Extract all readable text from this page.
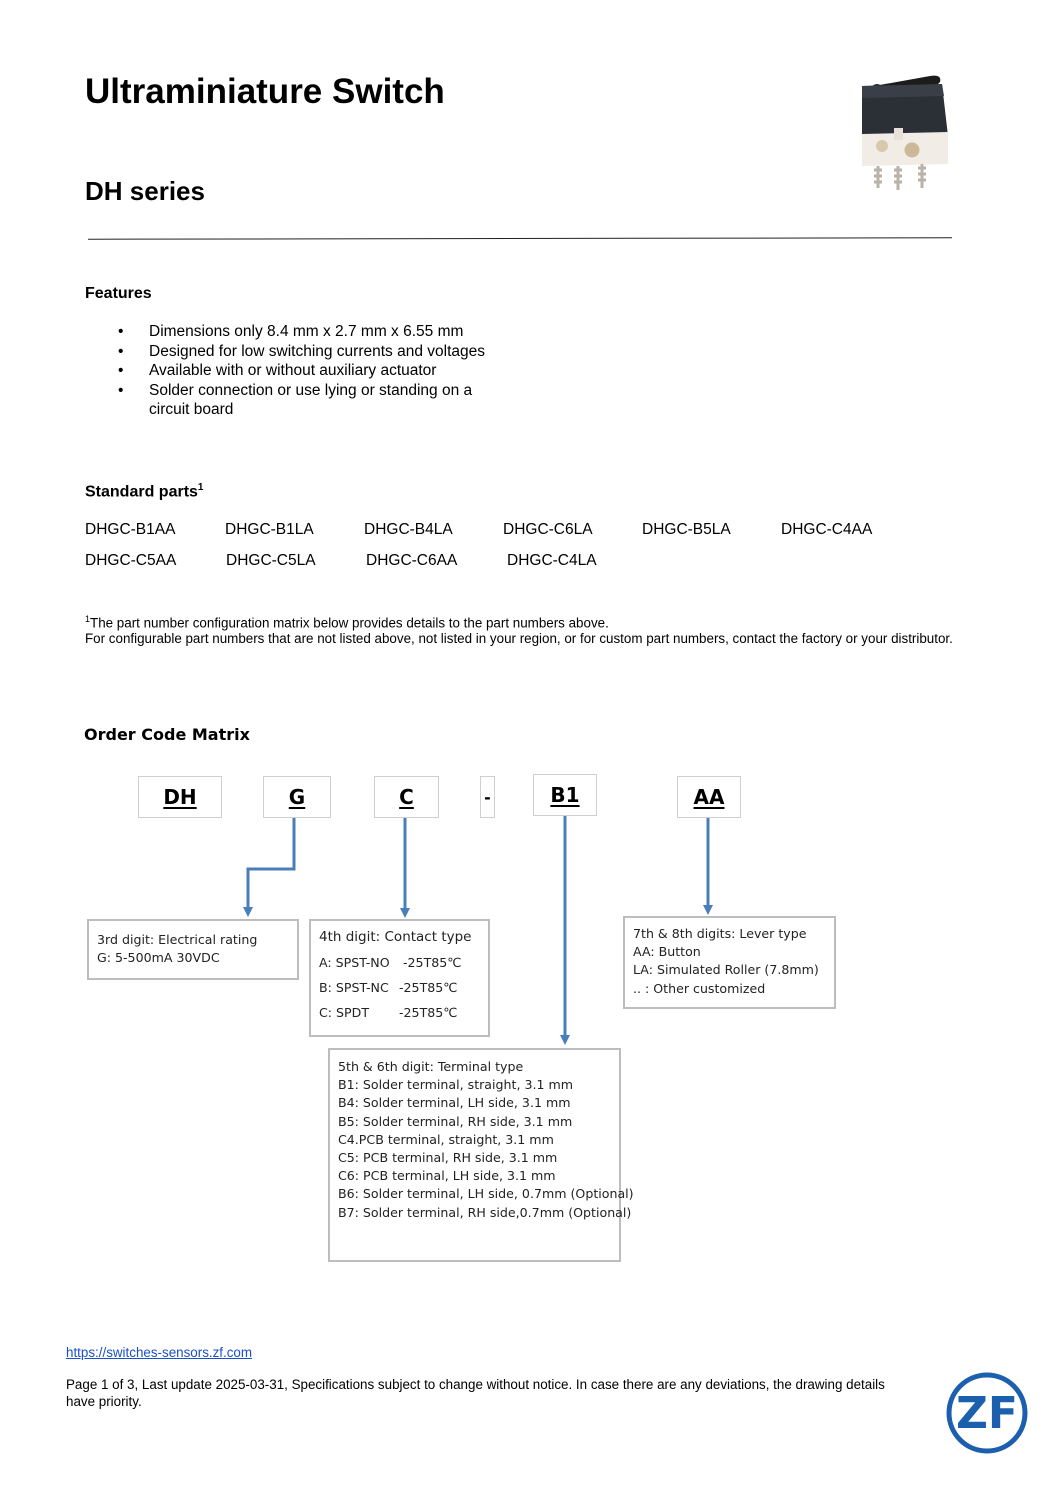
Ultraminiature Switch
DH series
Features
• Dimensions only 8.4 mm x 2.7 mm x 6.55 mm
• Designed for low switching currents and voltages
• Available with or without auxiliary actuator
• Solder connection or use lying or standing on a circuit board
Standard parts$^1$
DHGC-B1AA	DHGC-B1LA	DHGC-B4LA	DHGC-C6LA	DHGC-B5LA	DHGC-C4AA
DHGC-C5AA	DHGC-C5LA	DHGC-C6AA	DHGC-C4LA
$^1$The part number configuration matrix below provides details to the part numbers above.
For configurable part numbers that are not listed above, not listed in your region, or for custom part numbers, contact the factory or your distributor.
Order Code Matrix
DH	G	C	-	B1	AA
3rd digit: Electrical rating
G: 5-500mA 30VDC
4th digit: Contact type
A: SPST-NO -25T85℃
B: SPST-NC -25T85℃
C: SPDT -25T85℃
7th & 8th digits: Lever type
AA: Button
LA: Simulated Roller (7.8mm)
.. : Other customized
5th & 6th digit: Terminal type
B1: Solder terminal, straight, 3.1 mm
B4: Solder terminal, LH side, 3.1 mm
B5: Solder terminal, RH side, 3.1 mm
C4.PCB terminal, straight, 3.1 mm
C5: PCB terminal, RH side, 3.1 mm
C6: PCB terminal, LH side, 3.1 mm
B6: Solder terminal, LH side, 0.7mm (Optional)
B7: Solder terminal, RH side,0.7mm (Optional)
https://switches-sensors.zf.com
Page 1 of 3, Last update 2025-03-31, Specifications subject to change without notice. In case there are any deviations, the drawing details have priority.	ZF
